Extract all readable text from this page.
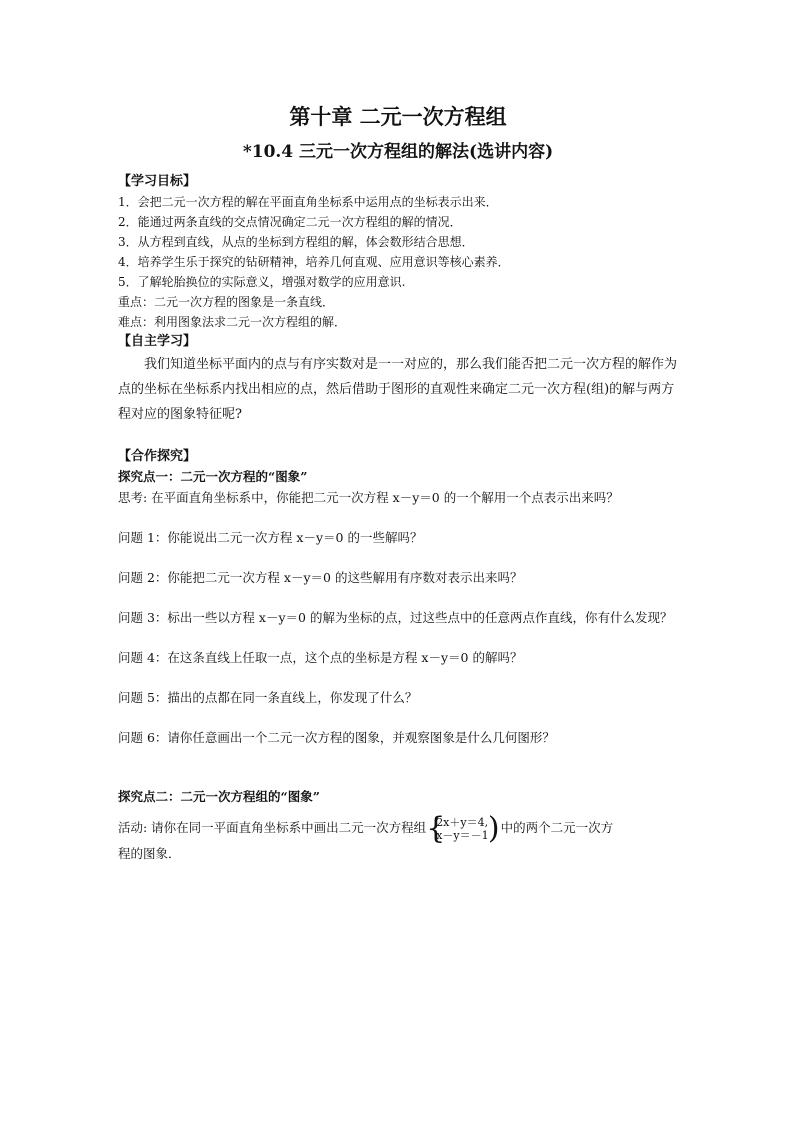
第十章 二元一次方程组
*10.4 三元一次方程组的解法(选讲内容)

【学习目标】

1．会把二元一次方程的解在平面直角坐标系中运用点的坐标表示出来．

2．能通过两条直线的交点情况确定二元一次方程组的解的情况．

3．从方程到直线，从点的坐标到方程组的解，体会数形结合思想．

4．培养学生乐于探究的钻研精神，培养几何直观、应用意识等核心素养．

5．了解轮胎换位的实际意义，增强对数学的应用意识.

重点：二元一次方程的图象是一条直线．

难点：利用图象法求二元一次方程组的解．

【自主学习】

我们知道坐标平面内的点与有序实数对是一一对应的，那么我们能否把二元一次方程的解作为点的坐标在坐标系内找出相应的点，然后借助于图形的直观性来确定二元一次方程(组)的解与两方程对应的图象特征呢?

【合作探究】

探究点一：二元一次方程的“图象”

思考: 在平面直角坐标系中，你能把二元一次方程 x－y＝0 的一个解用一个点表示出来吗？

问题 1：你能说出二元一次方程 x－y＝0 的一些解吗？

问题 2：你能把二元一次方程 x－y＝0 的这些解用有序数对表示出来吗？

问题 3：标出一些以方程 x－y＝0 的解为坐标的点，过这些点中的任意两点作直线，你有什么发现？

问题 4：在这条直线上任取一点，这个点的坐标是方程 x－y＝0 的解吗？

问题 5：描出的点都在同一条直线上，你发现了什么？

问题 6：请你任意画出一个二元一次方程的图象，并观察图象是什么几何图形？

探究点二：二元一次方程组的“图象”

活动: 请你在同一平面直角坐标系中画出二元一次方程组 {
2x＋y＝4,
x－y＝－1 ) 中的两个二元一次方

程的图象．
